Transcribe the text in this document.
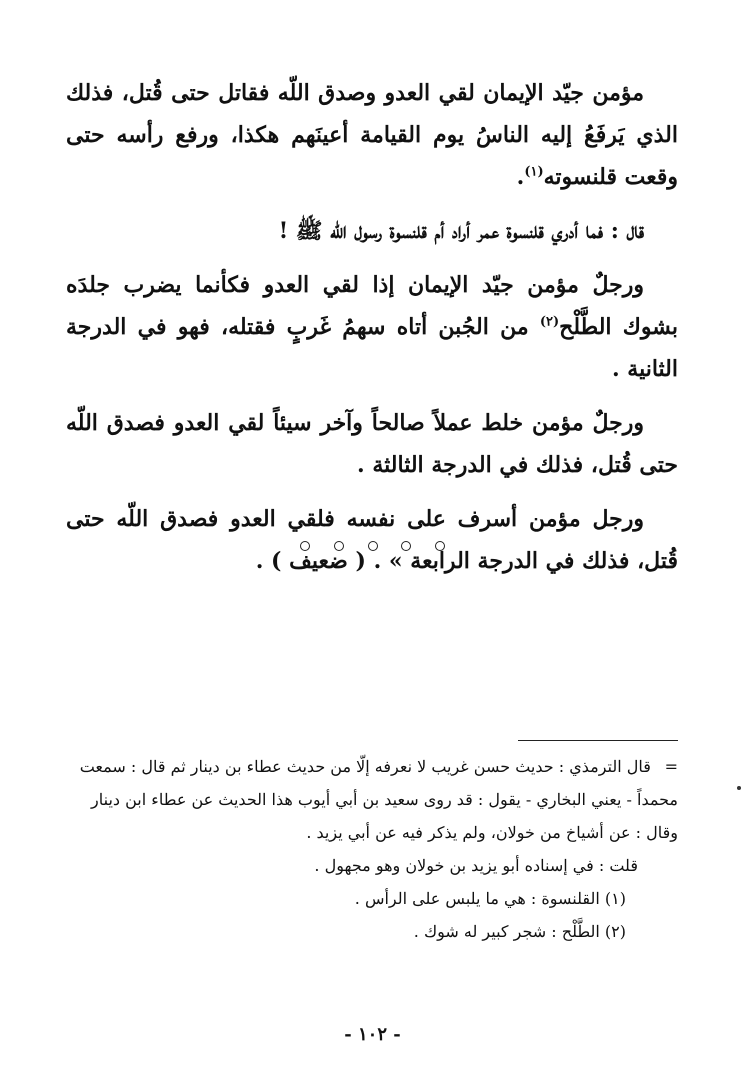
مؤمن جيّد الإيمان لقي العدو وصدق اللّه فقاتل حتى قُتل، فذلك الذي يَرفَعُ إليه الناسُ يوم القيامة أعينَهم هكذا، ورفع رأسه حتى وقعت قلنسوته$^{(١)}$.

قال : فما أدري قلنسوة عمر أراد أم قلنسوة رسول اللّه ﷺ !

ورجلٌ مؤمن جيّد الإيمان إذا لقي العدو فكأنما يضرب جلدَه بشوك الطَّلْح$^{(٢)}$ من الجُبن أتاه سهمُ غَربٍ فقتله، فهو في الدرجة الثانية .

ورجلٌ مؤمن خلط عملاً صالحاً وآخر سيئاً لقي العدو فصدق اللّه حتى قُتل، فذلك في الدرجة الثالثة .

ورجل مؤمن أسرف على نفسه فلقي العدو فصدق اللّه حتى قُتل، فذلك في الدرجة الرابعة » . ( ضعيف ) .

= قال الترمذي : حديث حسن غريب لا نعرفه إلّا من حديث عطاء بن دينار ثم قال : سمعت
محمداً - يعني البخاري - يقول : قد روى سعيد بن أبي أيوب هذا الحديث عن عطاء ابن دينار
وقال : عن أشياخ من خولان، ولم يذكر فيه عن أبي يزيد .
قلت : في إسناده أبو يزيد بن خولان وهو مجهول .
(١) القلنسوة : هي ما يلبس على الرأس .
(٢) الطَّلْح : شجر كبير له شوك .
- ١٠٢ -
